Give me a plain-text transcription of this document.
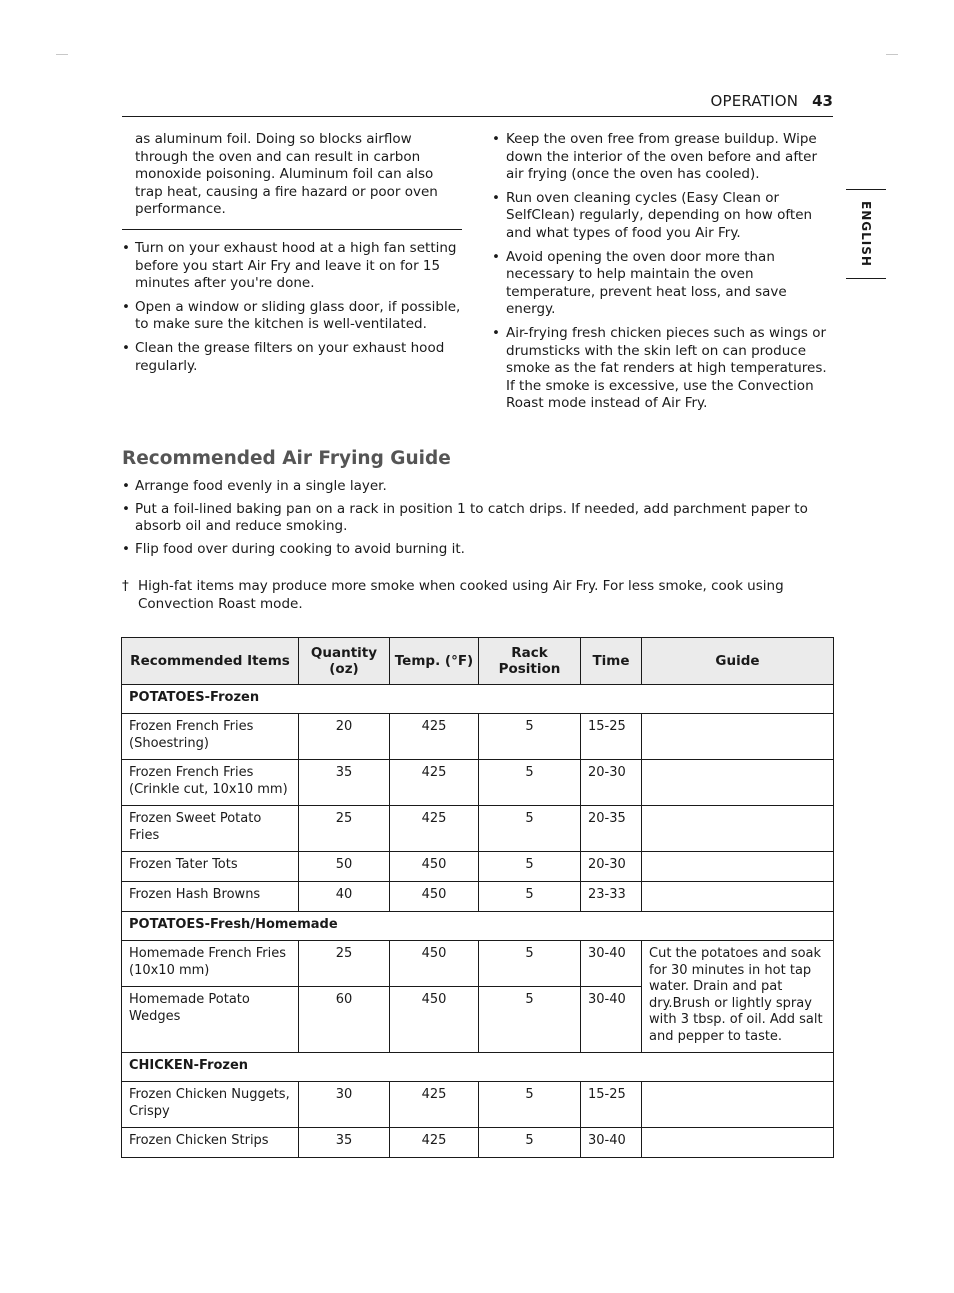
OPERATION 43
ENGLISH
as aluminum foil. Doing so blocks airflow through the oven and can result in carbon monoxide poisoning. Aluminum foil can also trap heat, causing a fire hazard or poor oven performance.
• Turn on your exhaust hood at a high fan setting before you start Air Fry and leave it on for 15 minutes after you're done.
• Open a window or sliding glass door, if possible, to make sure the kitchen is well-ventilated.
• Clean the grease filters on your exhaust hood regularly.
• Keep the oven free from grease buildup. Wipe down the interior of the oven before and after air frying (once the oven has cooled).
• Run oven cleaning cycles (Easy Clean or SelfClean) regularly, depending on how often and what types of food you Air Fry.
• Avoid opening the oven door more than necessary to help maintain the oven temperature, prevent heat loss, and save energy.
• Air-frying fresh chicken pieces such as wings or drumsticks with the skin left on can produce smoke as the fat renders at high temperatures. If the smoke is excessive, use the Convection Roast mode instead of Air Fry.
Recommended Air Frying Guide
• Arrange food evenly in a single layer.
• Put a foil-lined baking pan on a rack in position 1 to catch drips. If needed, add parchment paper to absorb oil and reduce smoking.
• Flip food over during cooking to avoid burning it.
† High-fat items may produce more smoke when cooked using Air Fry. For less smoke, cook using Convection Roast mode.
Recommended Items	Quantity (oz)	Temp. (°F)	Rack Position	Time	Guide
POTATOES-Frozen					
Frozen French Fries (Shoestring)	20	425	5	15-25	
Frozen French Fries (Crinkle cut, 10x10 mm)	35	425	5	20-30	
Frozen Sweet Potato Fries	25	425	5	20-35	
Frozen Tater Tots	50	450	5	20-30	
Frozen Hash Browns	40	450	5	23-33	
POTATOES-Fresh/Homemade					
Homemade French Fries (10x10 mm)	25	450	5	30-40	Cut the potatoes and soak for 30 minutes in hot tap water. Drain and pat dry.Brush or lightly spray with 3 tbsp. of oil. Add salt and pepper to taste.
Homemade Potato Wedges	60	450	5	30-40	
CHICKEN-Frozen					
Frozen Chicken Nuggets, Crispy	30	425	5	15-25	
Frozen Chicken Strips	35	425	5	30-40	
